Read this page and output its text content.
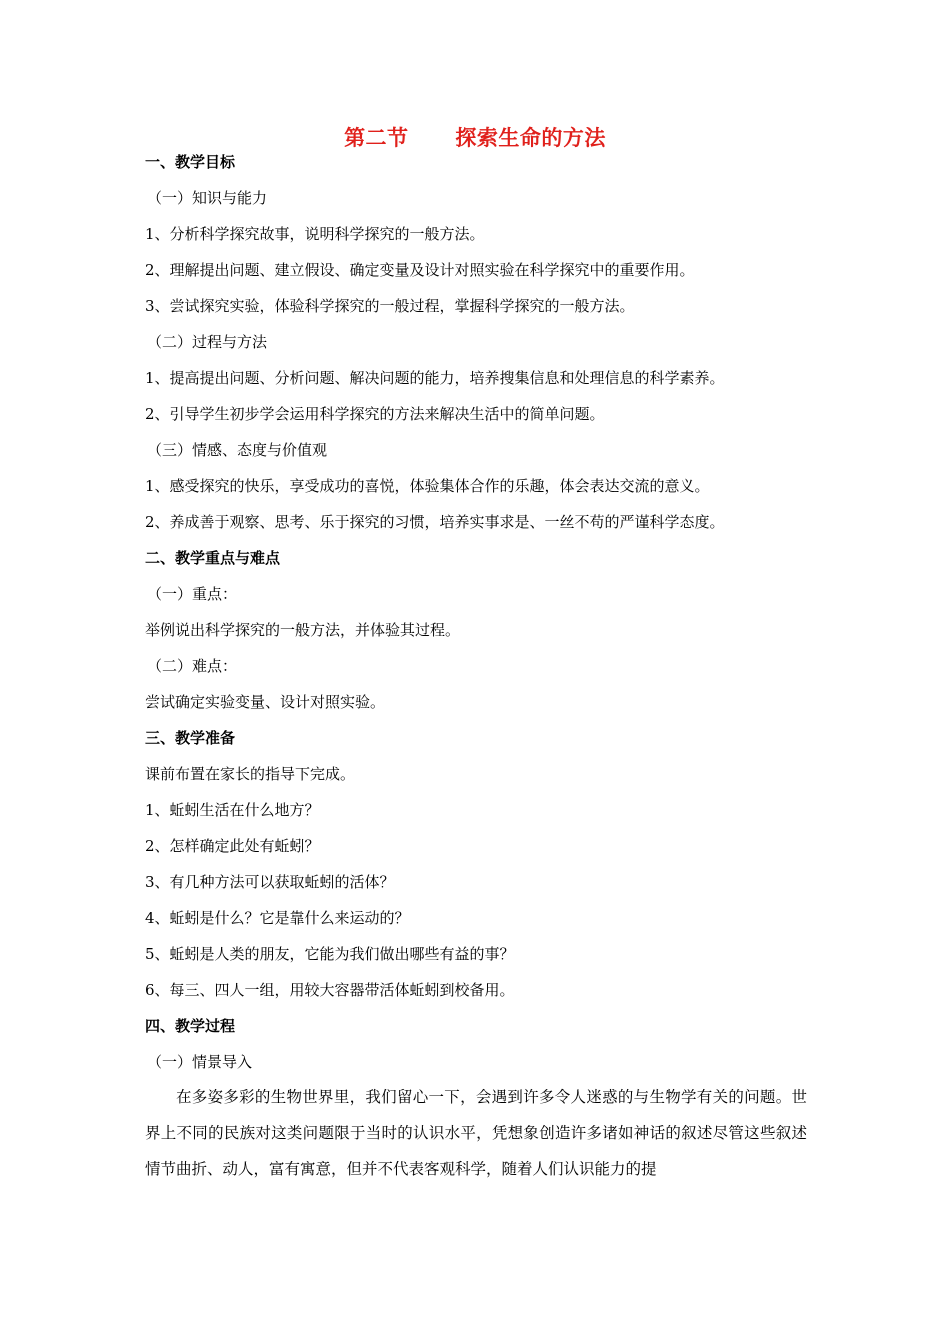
第二节      探索生命的方法
一、教学目标
（一）知识与能力
1、分析科学探究故事，说明科学探究的一般方法。
2、理解提出问题、建立假设、确定变量及设计对照实验在科学探究中的重要作用。
3、尝试探究实验，体验科学探究的一般过程，掌握科学探究的一般方法。
（二）过程与方法
1、提高提出问题、分析问题、解决问题的能力，培养搜集信息和处理信息的科学素养。
2、引导学生初步学会运用科学探究的方法来解决生活中的简单问题。
（三）情感、态度与价值观
1、感受探究的快乐，享受成功的喜悦，体验集体合作的乐趣，体会表达交流的意义。
2、养成善于观察、思考、乐于探究的习惯，培养实事求是、一丝不苟的严谨科学态度。
二、教学重点与难点
（一）重点：
举例说出科学探究的一般方法，并体验其过程。
（二）难点：
尝试确定实验变量、设计对照实验。
三、教学准备
课前布置在家长的指导下完成。
1、蚯蚓生活在什么地方？
2、怎样确定此处有蚯蚓？
3、有几种方法可以获取蚯蚓的活体？
4、蚯蚓是什么？它是靠什么来运动的？
5、蚯蚓是人类的朋友，它能为我们做出哪些有益的事？
6、每三、四人一组，用较大容器带活体蚯蚓到校备用。
四、教学过程
（一）情景导入
在多姿多彩的生物世界里，我们留心一下，会遇到许多令人迷惑的与生物学有关的问题。世界上不同的民族对这类问题限于当时的认识水平，凭想象创造许多诸如神话的叙述尽管这些叙述情节曲折、动人，富有寓意，但并不代表客观科学，随着人们认识能力的提
